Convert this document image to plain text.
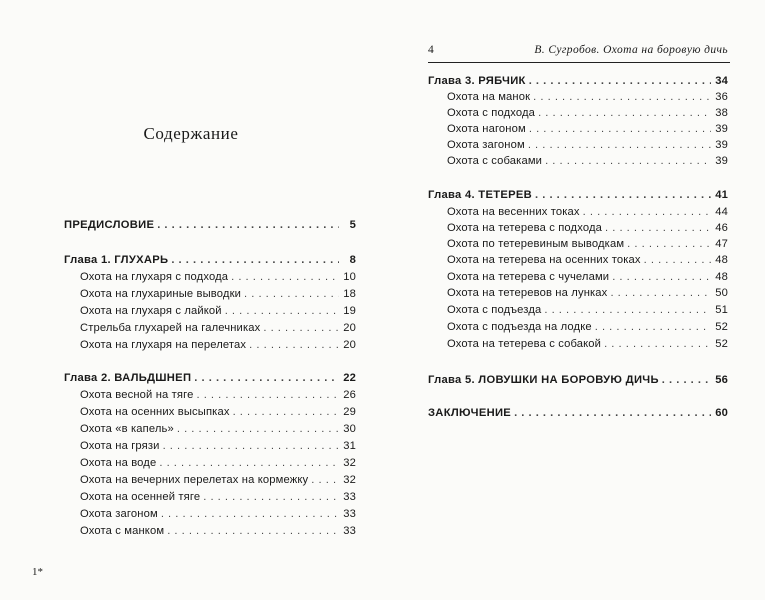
Содержание
ПРЕДИСЛОВИЕ . . .	5
Глава 1. ГЛУХАРЬ . . .	8
Охота на глухаря с подхода . . .	10
Охота на глухариные выводки . . .	18
Охота на глухаря с лайкой . . .	19
Стрельба глухарей на галечниках . . .	20
Охота на глухаря на перелетах . . .	20
Глава 2. ВАЛЬДШНЕП . . .	22
Охота весной на тяге . . .	26
Охота на осенних высыпках . . .	29
Охота «в капель» . . .	30
Охота на грязи . . .	31
Охота на воде . . .	32
Охота на вечерних перелетах на кормежку . . .	32
Охота на осенней тяге . . .	33
Охота загоном . . .	33
Охота с манком . . .	33
1*
4	В. Сугробов. Охота на боровую дичь
Глава 3. РЯБЧИК . . .	34
Охота на манок . . .	36
Охота с подхода . . .	38
Охота нагоном . . .	39
Охота загоном . . .	39
Охота с собаками . . .	39
Глава 4. ТЕТЕРЕВ . . .	41
Охота на весенних токах . . .	44
Охота на тетерева с подхода . . .	46
Охота по тетеревиным выводкам . . .	47
Охота на тетерева на осенних токах . . .	48
Охота на тетерева с чучелами . . .	48
Охота на тетеревов на лунках . . .	50
Охота с подъезда . . .	51
Охота с подъезда на лодке . . .	52
Охота на тетерева с собакой . . .	52
Глава 5. ЛОВУШКИ НА БОРОВУЮ ДИЧЬ . . .	56
ЗАКЛЮЧЕНИЕ . . .	60
